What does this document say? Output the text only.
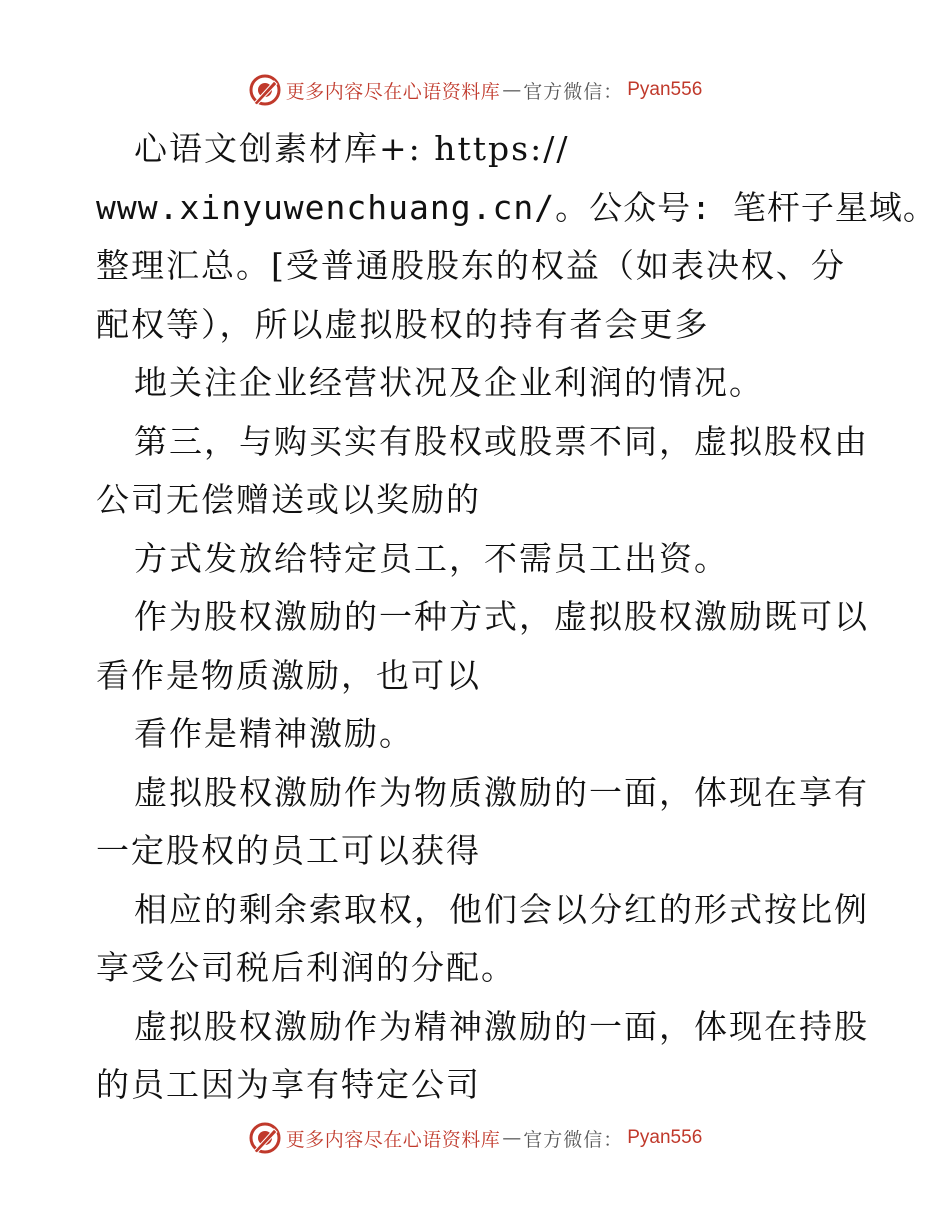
更多内容尽在心语资料库 — 官方微信： Pyan556
心语文创素材库+: https://
www.xinyuwenchuang.cn/。公众号: 笔杆子星域。
整理汇总。[受普通股股东的权益（如表决权、分
配权等），所以虚拟股权的持有者会更多
地关注企业经营状况及企业利润的情况。
第三，与购买实有股权或股票不同，虚拟股权由
公司无偿赠送或以奖励的
方式发放给特定员工，不需员工出资。
作为股权激励的一种方式，虚拟股权激励既可以
看作是物质激励，也可以
看作是精神激励。
虚拟股权激励作为物质激励的一面，体现在享有
一定股权的员工可以获得
相应的剩余索取权，他们会以分红的形式按比例
享受公司税后利润的分配。
虚拟股权激励作为精神激励的一面，体现在持股
的员工因为享有特定公司
更多内容尽在心语资料库 — 官方微信： Pyan556
